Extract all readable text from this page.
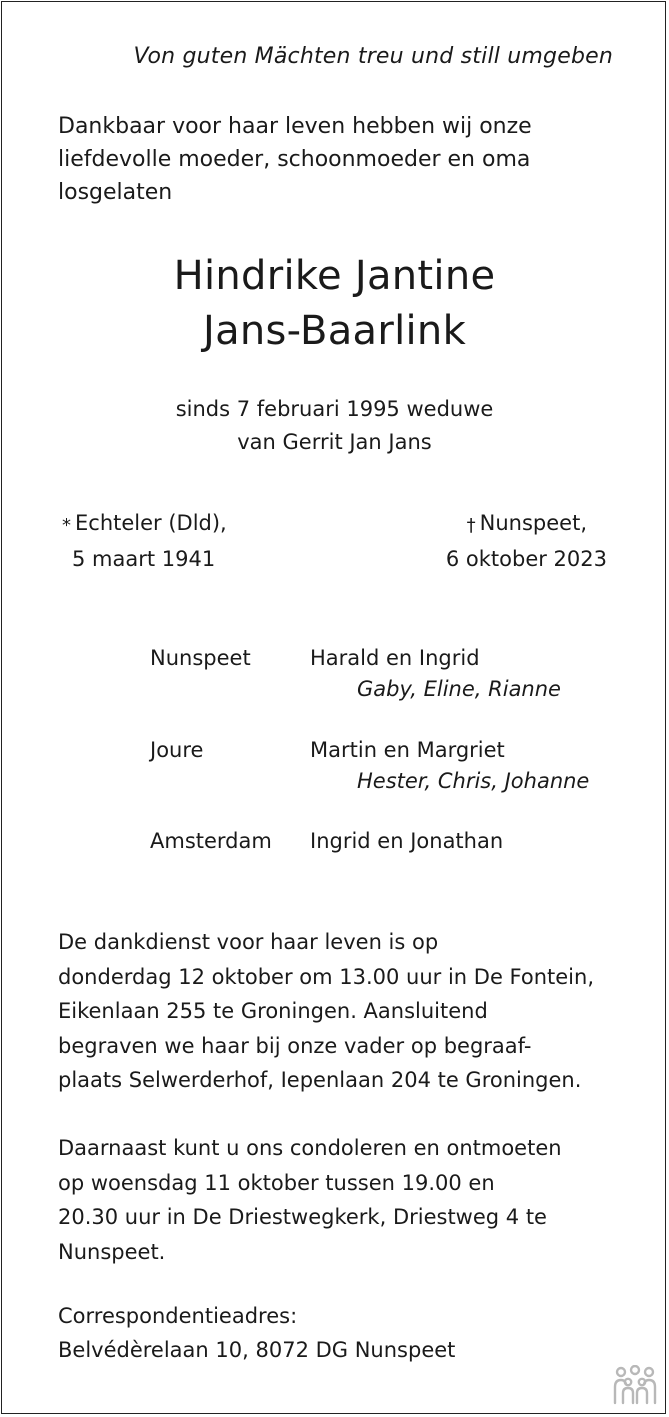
Von guten Mächten treu und still umgeben
Dankbaar voor haar leven hebben wij onze
liefdevolle moeder, schoonmoeder en oma
losgelaten
Hindrike Jantine
Jans-Baarlink
sinds 7 februari 1995 weduwe
van Gerrit Jan Jans
* Echteler (Dld),
5 maart 1941
† Nunspeet,
6 oktober 2023
Nunspeet	Harald en Ingrid
Gaby, Eline, Rianne
Joure	Martin en Margriet
Hester, Chris, Johanne
Amsterdam Ingrid en Jonathan
De dankdienst voor haar leven is op
donderdag 12 oktober om 13.00 uur in De Fontein,
Eikenlaan 255 te Groningen. Aansluitend
begraven we haar bij onze vader op begraaf-
plaats Selwerderhof, Iepenlaan 204 te Groningen.
Daarnaast kunt u ons condoleren en ontmoeten
op woensdag 11 oktober tussen 19.00 en
20.30 uur in De Driestwegkerk, Driestweg 4 te
Nunspeet.
Correspondentieadres:
Belvédèrelaan 10, 8072 DG Nunspeet
